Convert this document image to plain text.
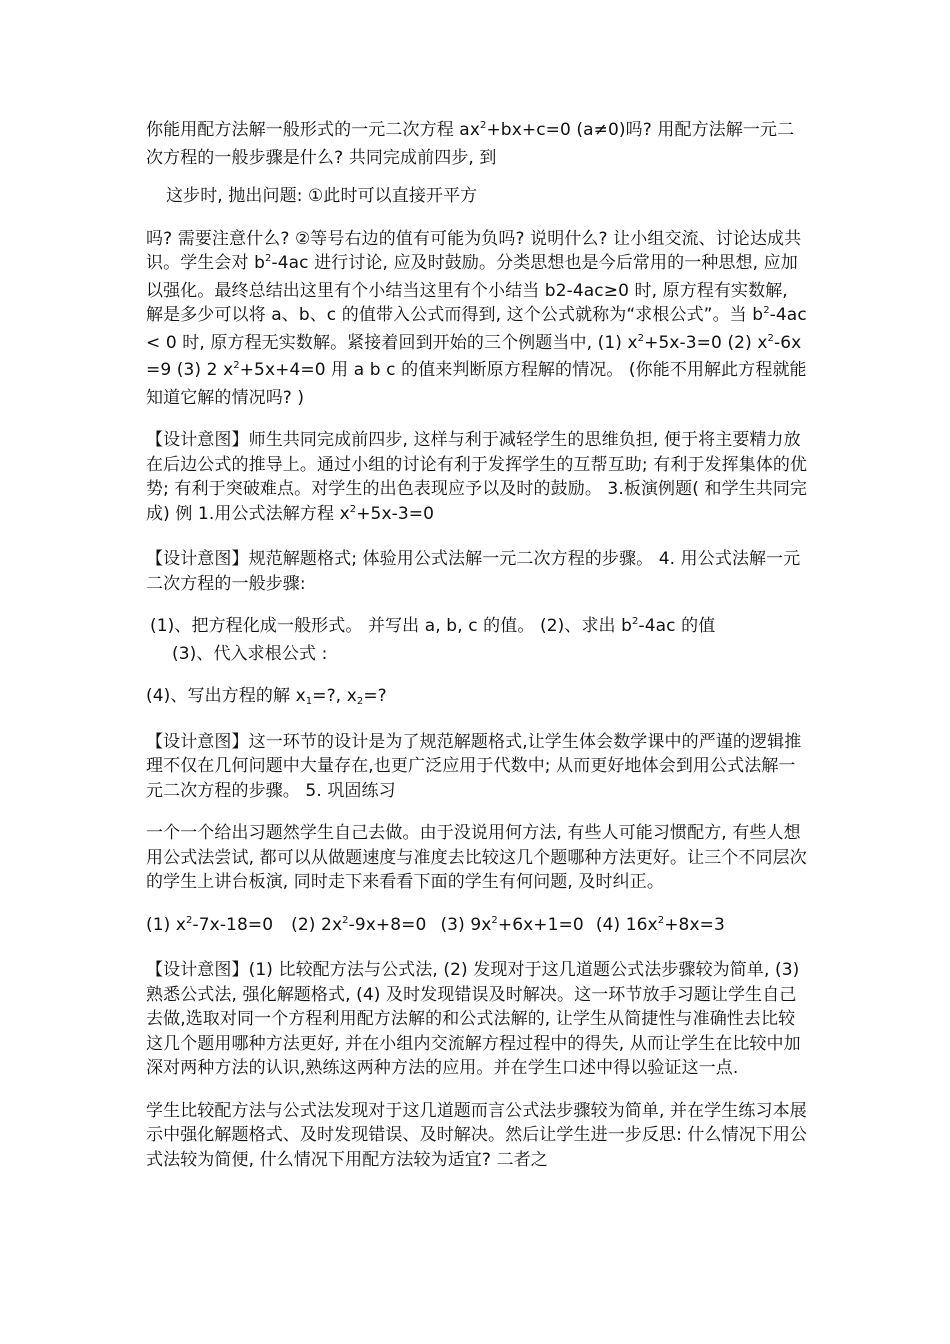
你能用配方法解一般形式的一元二次方程 $ax^2+bx+c=0$ (a≠0)吗? 用配方法解一元二次方程的一般步骤是什么? 共同完成前四步, 到

这步时, 抛出问题: ①此时可以直接开平方

吗? 需要注意什么? ②等号右边的值有可能为负吗? 说明什么? 让小组交流、讨论达成共识。学生会对 $b^2-4ac$ 进行讨论, 应及时鼓励。分类思想也是今后常用的一种思想, 应加以强化。最终总结出这里有个小结当这里有个小结当 b2-4ac≥0 时, 原方程有实数解, 解是多少可以将 a、b、c 的值带入公式而得到, 这个公式就称为“求根公式”。当 $b^2-4ac < 0$ 时, 原方程无实数解。紧接着回到开始的三个例题当中, (1) $x^2+5x-3=0$ (2) $x^2-6x=9$ (3) 2 $x^2+5x+4=0$ 用 a b c 的值来判断原方程解的情况。 (你能不用解此方程就能知道它解的情况吗? )

【设计意图】师生共同完成前四步, 这样与利于减轻学生的思维负担, 便于将主要精力放在后边公式的推导上。通过小组的讨论有利于发挥学生的互帮互助; 有利于发挥集体的优势; 有利于突破难点。对学生的出色表现应予以及时的鼓励。 3.板演例题( 和学生共同完成) 例 1.用公式法解方程 $x^2+5x-3=0$

【设计意图】规范解题格式; 体验用公式法解一元二次方程的步骤。 4. 用公式法解一元二次方程的一般步骤:

(1)、把方程化成一般形式。 并写出 a, b, c 的值。 (2)、求出 $b^2-4ac$ 的值
(3)、代入求根公式 :

(4)、写出方程的解 x1=?, x2=?

【设计意图】这一环节的设计是为了规范解题格式,让学生体会数学课中的严谨的逻辑推理不仅在几何问题中大量存在,也更广泛应用于代数中; 从而更好地体会到用公式法解一元二次方程的步骤。 5. 巩固练习

一个一个给出习题然学生自己去做。由于没说用何方法, 有些人可能习惯配方, 有些人想用公式法尝试, 都可以从做题速度与准度去比较这几个题哪种方法更好。让三个不同层次的学生上讲台板演, 同时走下来看看下面的学生有何问题, 及时纠正。

(1) $x^2-7x-18=0$ (2) $2x^2-9x+8=0$ (3) $9x^2+6x+1=0$ (4) $16x^2+8x=3$

【设计意图】(1) 比较配方法与公式法, (2) 发现对于这几道题公式法步骤较为简单, (3) 熟悉公式法, 强化解题格式, (4) 及时发现错误及时解决。这一环节放手习题让学生自己去做,选取对同一个方程利用配方法解的和公式法解的, 让学生从简捷性与准确性去比较这几个题用哪种方法更好, 并在小组内交流解方程过程中的得失, 从而让学生在比较中加深对两种方法的认识,熟练这两种方法的应用。并在学生口述中得以验证这一点.

学生比较配方法与公式法发现对于这几道题而言公式法步骤较为简单, 并在学生练习本展示中强化解题格式、及时发现错误、及时解决。然后让学生进一步反思: 什么情况下用公式法较为简便, 什么情况下用配方法较为适宜? 二者之
